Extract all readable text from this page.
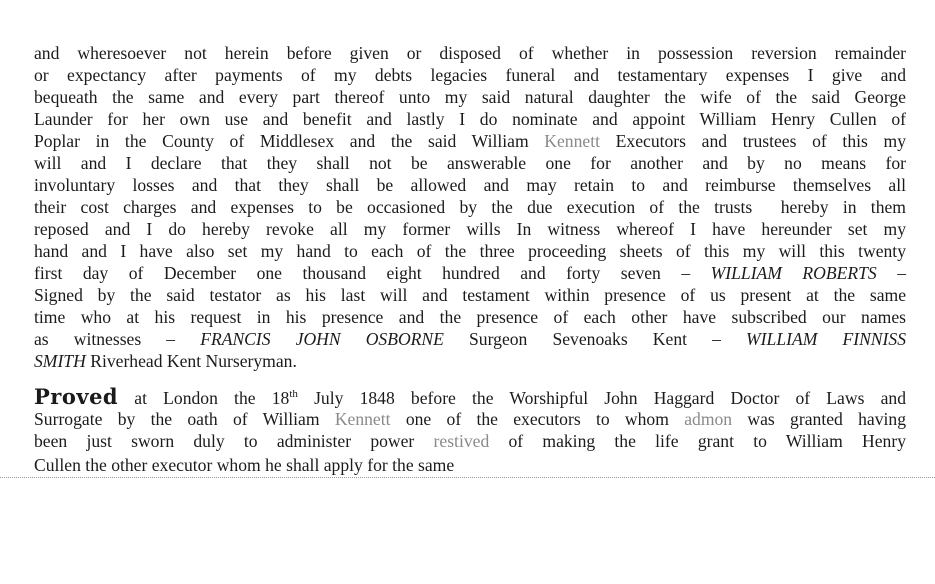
and wheresoever not herein before given or disposed of whether in possession reversion remainder
or expectancy after payments of my debts legacies funeral and testamentary expenses I give and
bequeath the same and every part thereof unto my said natural daughter the wife of the said George
Launder for her own use and benefit and lastly I do nominate and appoint William Henry Cullen of
Poplar in the County of Middlesex and the said William Kennett Executors and trustees of this my
will and I declare that they shall not be answerable one for another and by no means for
involuntary losses and that they shall be allowed and may retain to and reimburse themselves all
their cost charges and expenses to be occasioned by the due execution of the trusts  hereby in them
reposed and I do hereby revoke all my former wills In witness whereof I have hereunder set my
hand and I have also set my hand to each of the three proceeding sheets of this my will this twenty
first day of December one thousand eight hundred and forty seven – WILLIAM ROBERTS –
Signed by the said testator as his last will and testament within presence of us present at the same
time who at his request in his presence and the presence of each other have subscribed our names
as witnesses – FRANCIS JOHN OSBORNE Surgeon Sevenoaks Kent – WILLIAM FINNISS
SMITH Riverhead Kent Nurseryman.
Proved at London the 18th July 1848 before the Worshipful John Haggard Doctor of Laws and
Surrogate by the oath of William Kennett one of the executors to whom admon was granted having
been just sworn duly to administer power restived of making the life grant to William Henry
Cullen the other executor whom he shall apply for the same
